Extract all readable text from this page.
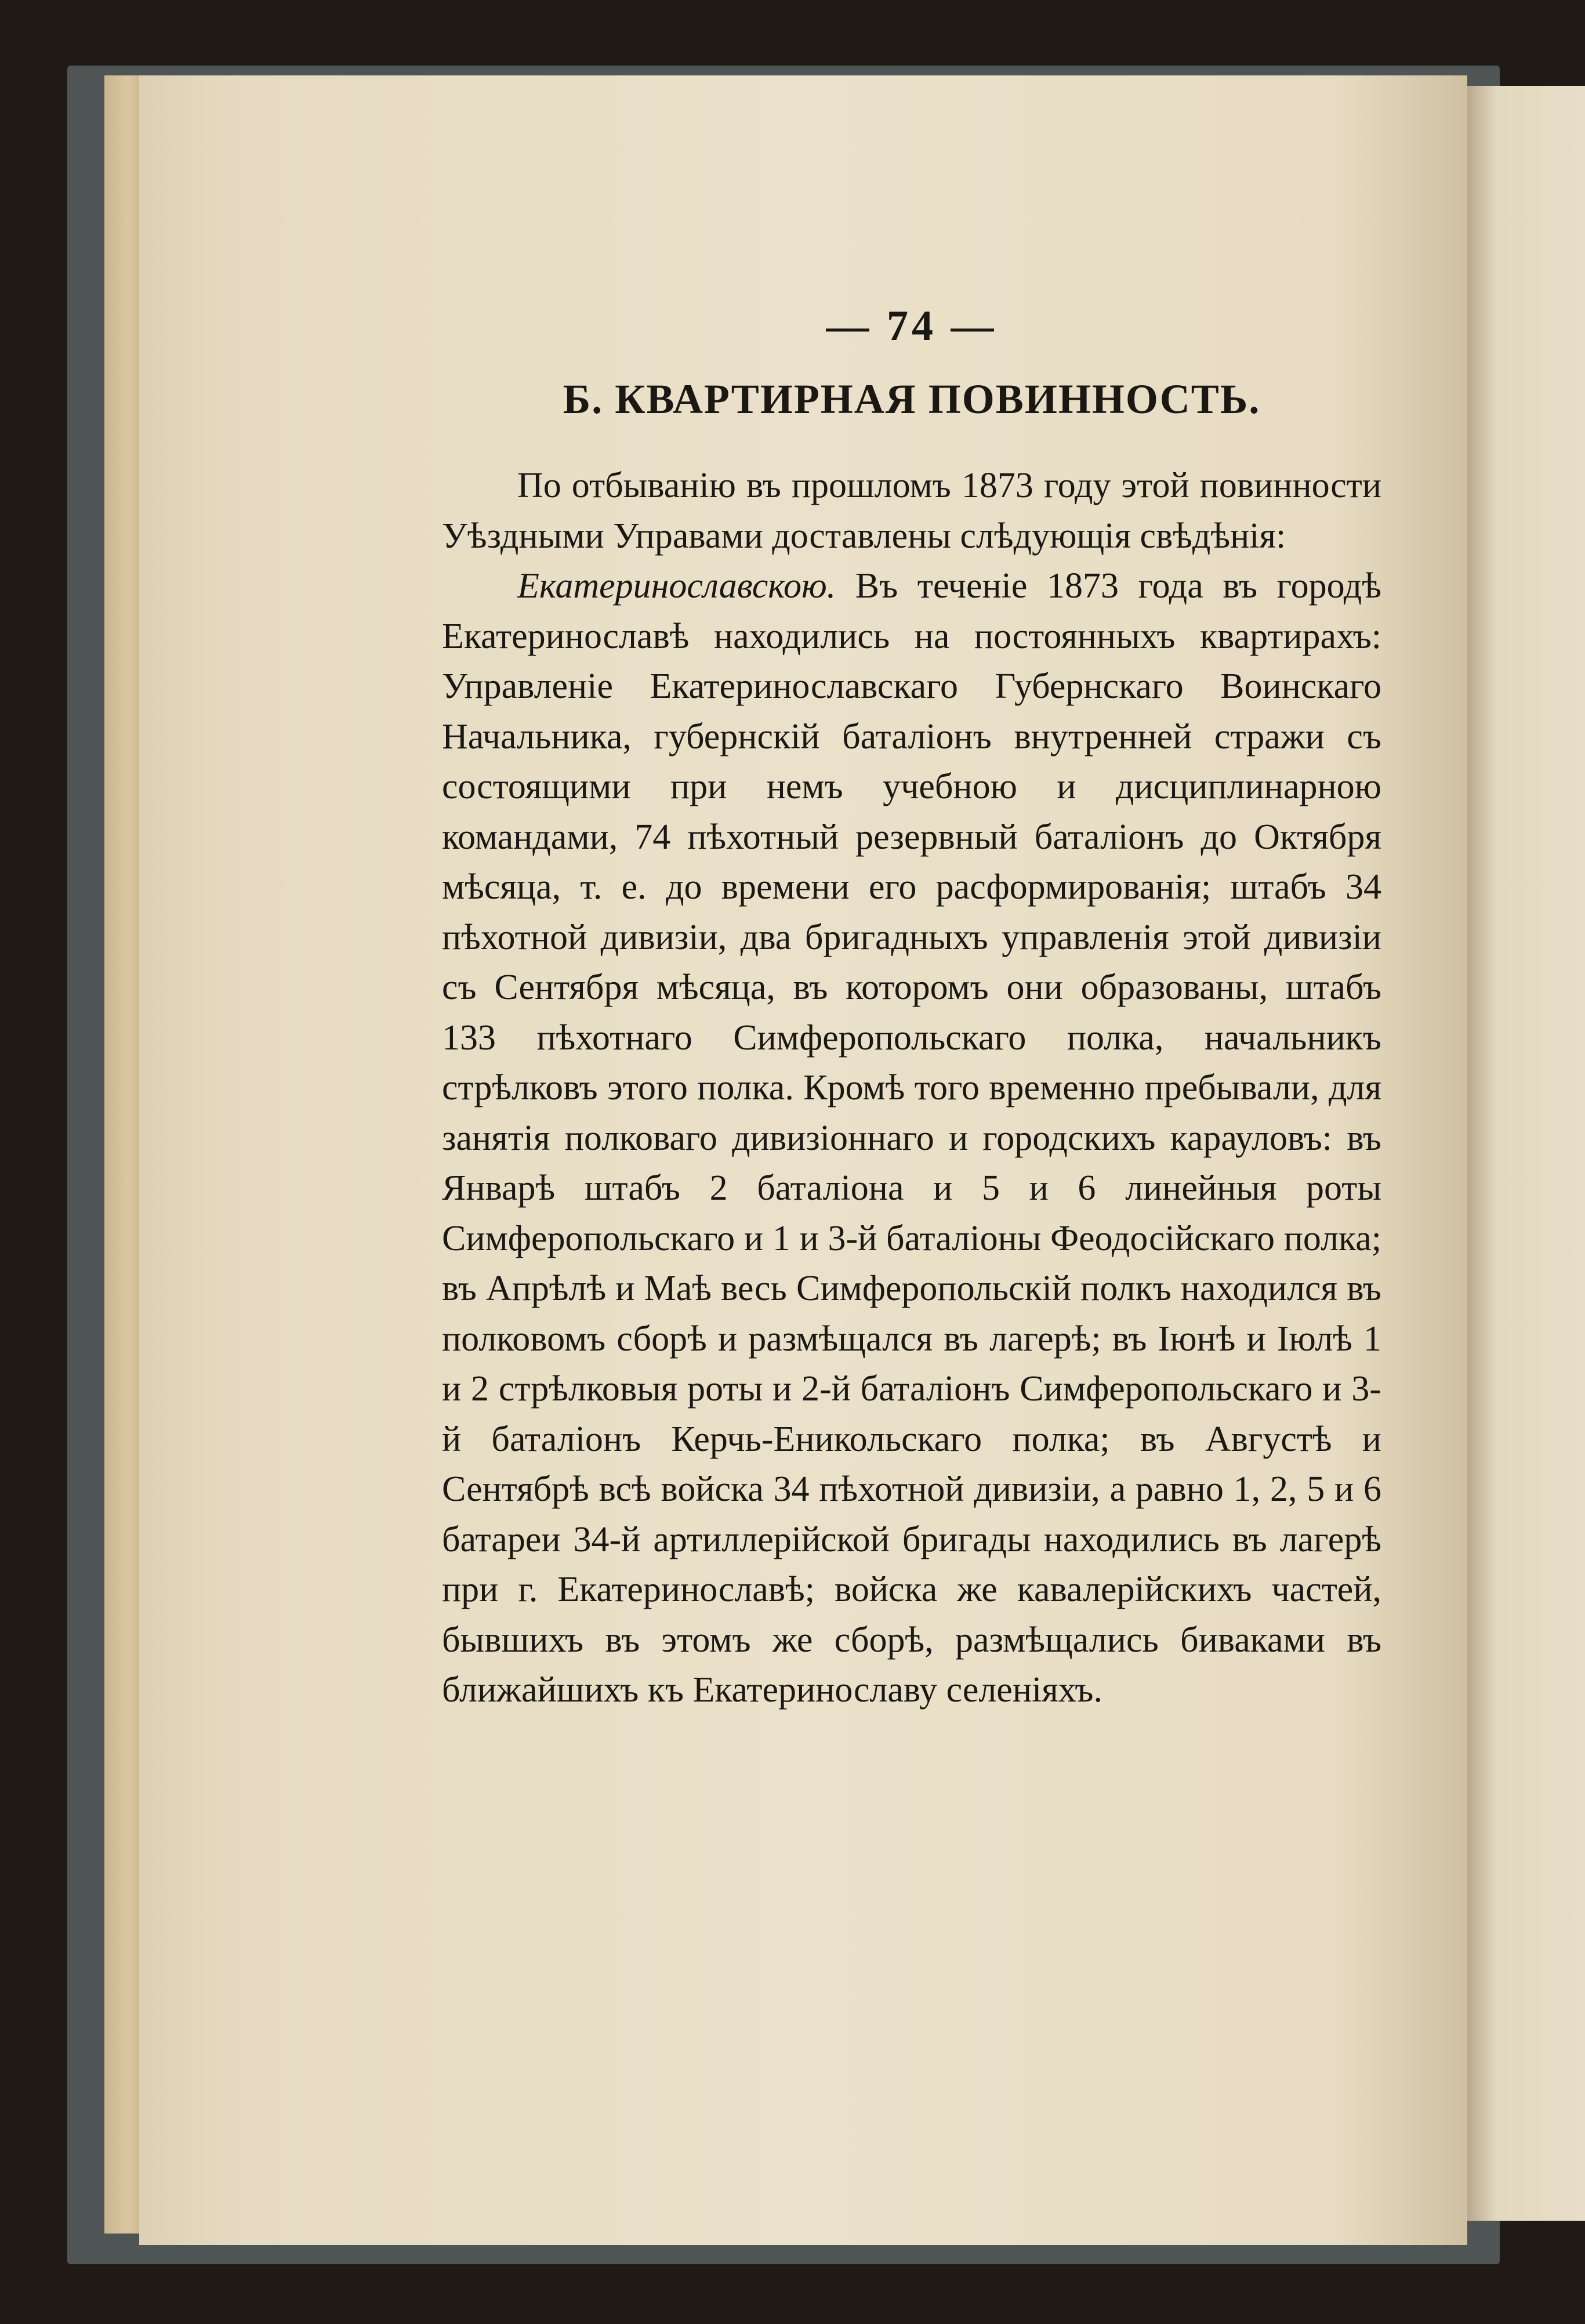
— 74 —
Б. КВАРТИРНАЯ ПОВИННОСТЬ.

По отбыванію въ прошломъ 1873 году этой повинности Уѣздными Управами доставлены слѣдующія свѣдѣнія:

Екатеринославскою. Въ теченіе 1873 года въ городѣ Екатеринославѣ находились на постоянныхъ квартирахъ: Управленіе Екатеринославскаго Губернскаго Воинскаго Начальника, губернскій баталіонъ внутренней стражи съ состоящими при немъ учебною и дисциплинарною командами, 74 пѣхотный резервный баталіонъ до Октября мѣсяца, т. е. до времени его расформированія; штабъ 34 пѣхотной дивизіи, два бригадныхъ управленія этой дивизіи съ Сентября мѣсяца, въ которомъ они образованы, штабъ 133 пѣхотнаго Симферопольскаго полка, начальникъ стрѣлковъ этого полка. Кромѣ того временно пребывали, для занятія полковаго дивизіоннаго и городскихъ карауловъ: въ Январѣ штабъ 2 баталіона и 5 и 6 линейныя роты Симферопольскаго и 1 и 3-й баталіоны Феодосійскаго полка; въ Апрѣлѣ и Маѣ весь Симферопольскій полкъ находился въ полковомъ сборѣ и размѣщался въ лагерѣ; въ Іюнѣ и Іюлѣ 1 и 2 стрѣлковыя роты и 2-й баталіонъ Симферопольскаго и 3-й баталіонъ Керчь-Еникольскаго полка; въ Августѣ и Сентябрѣ всѣ войска 34 пѣхотной дивизіи, а равно 1, 2, 5 и 6 батареи 34-й артиллерійской бригады находились въ лагерѣ при г. Екатеринославѣ; войска же кавалерійскихъ частей, бывшихъ въ этомъ же сборѣ, размѣщались биваками въ ближайшихъ къ Екатеринославу селеніяхъ.
